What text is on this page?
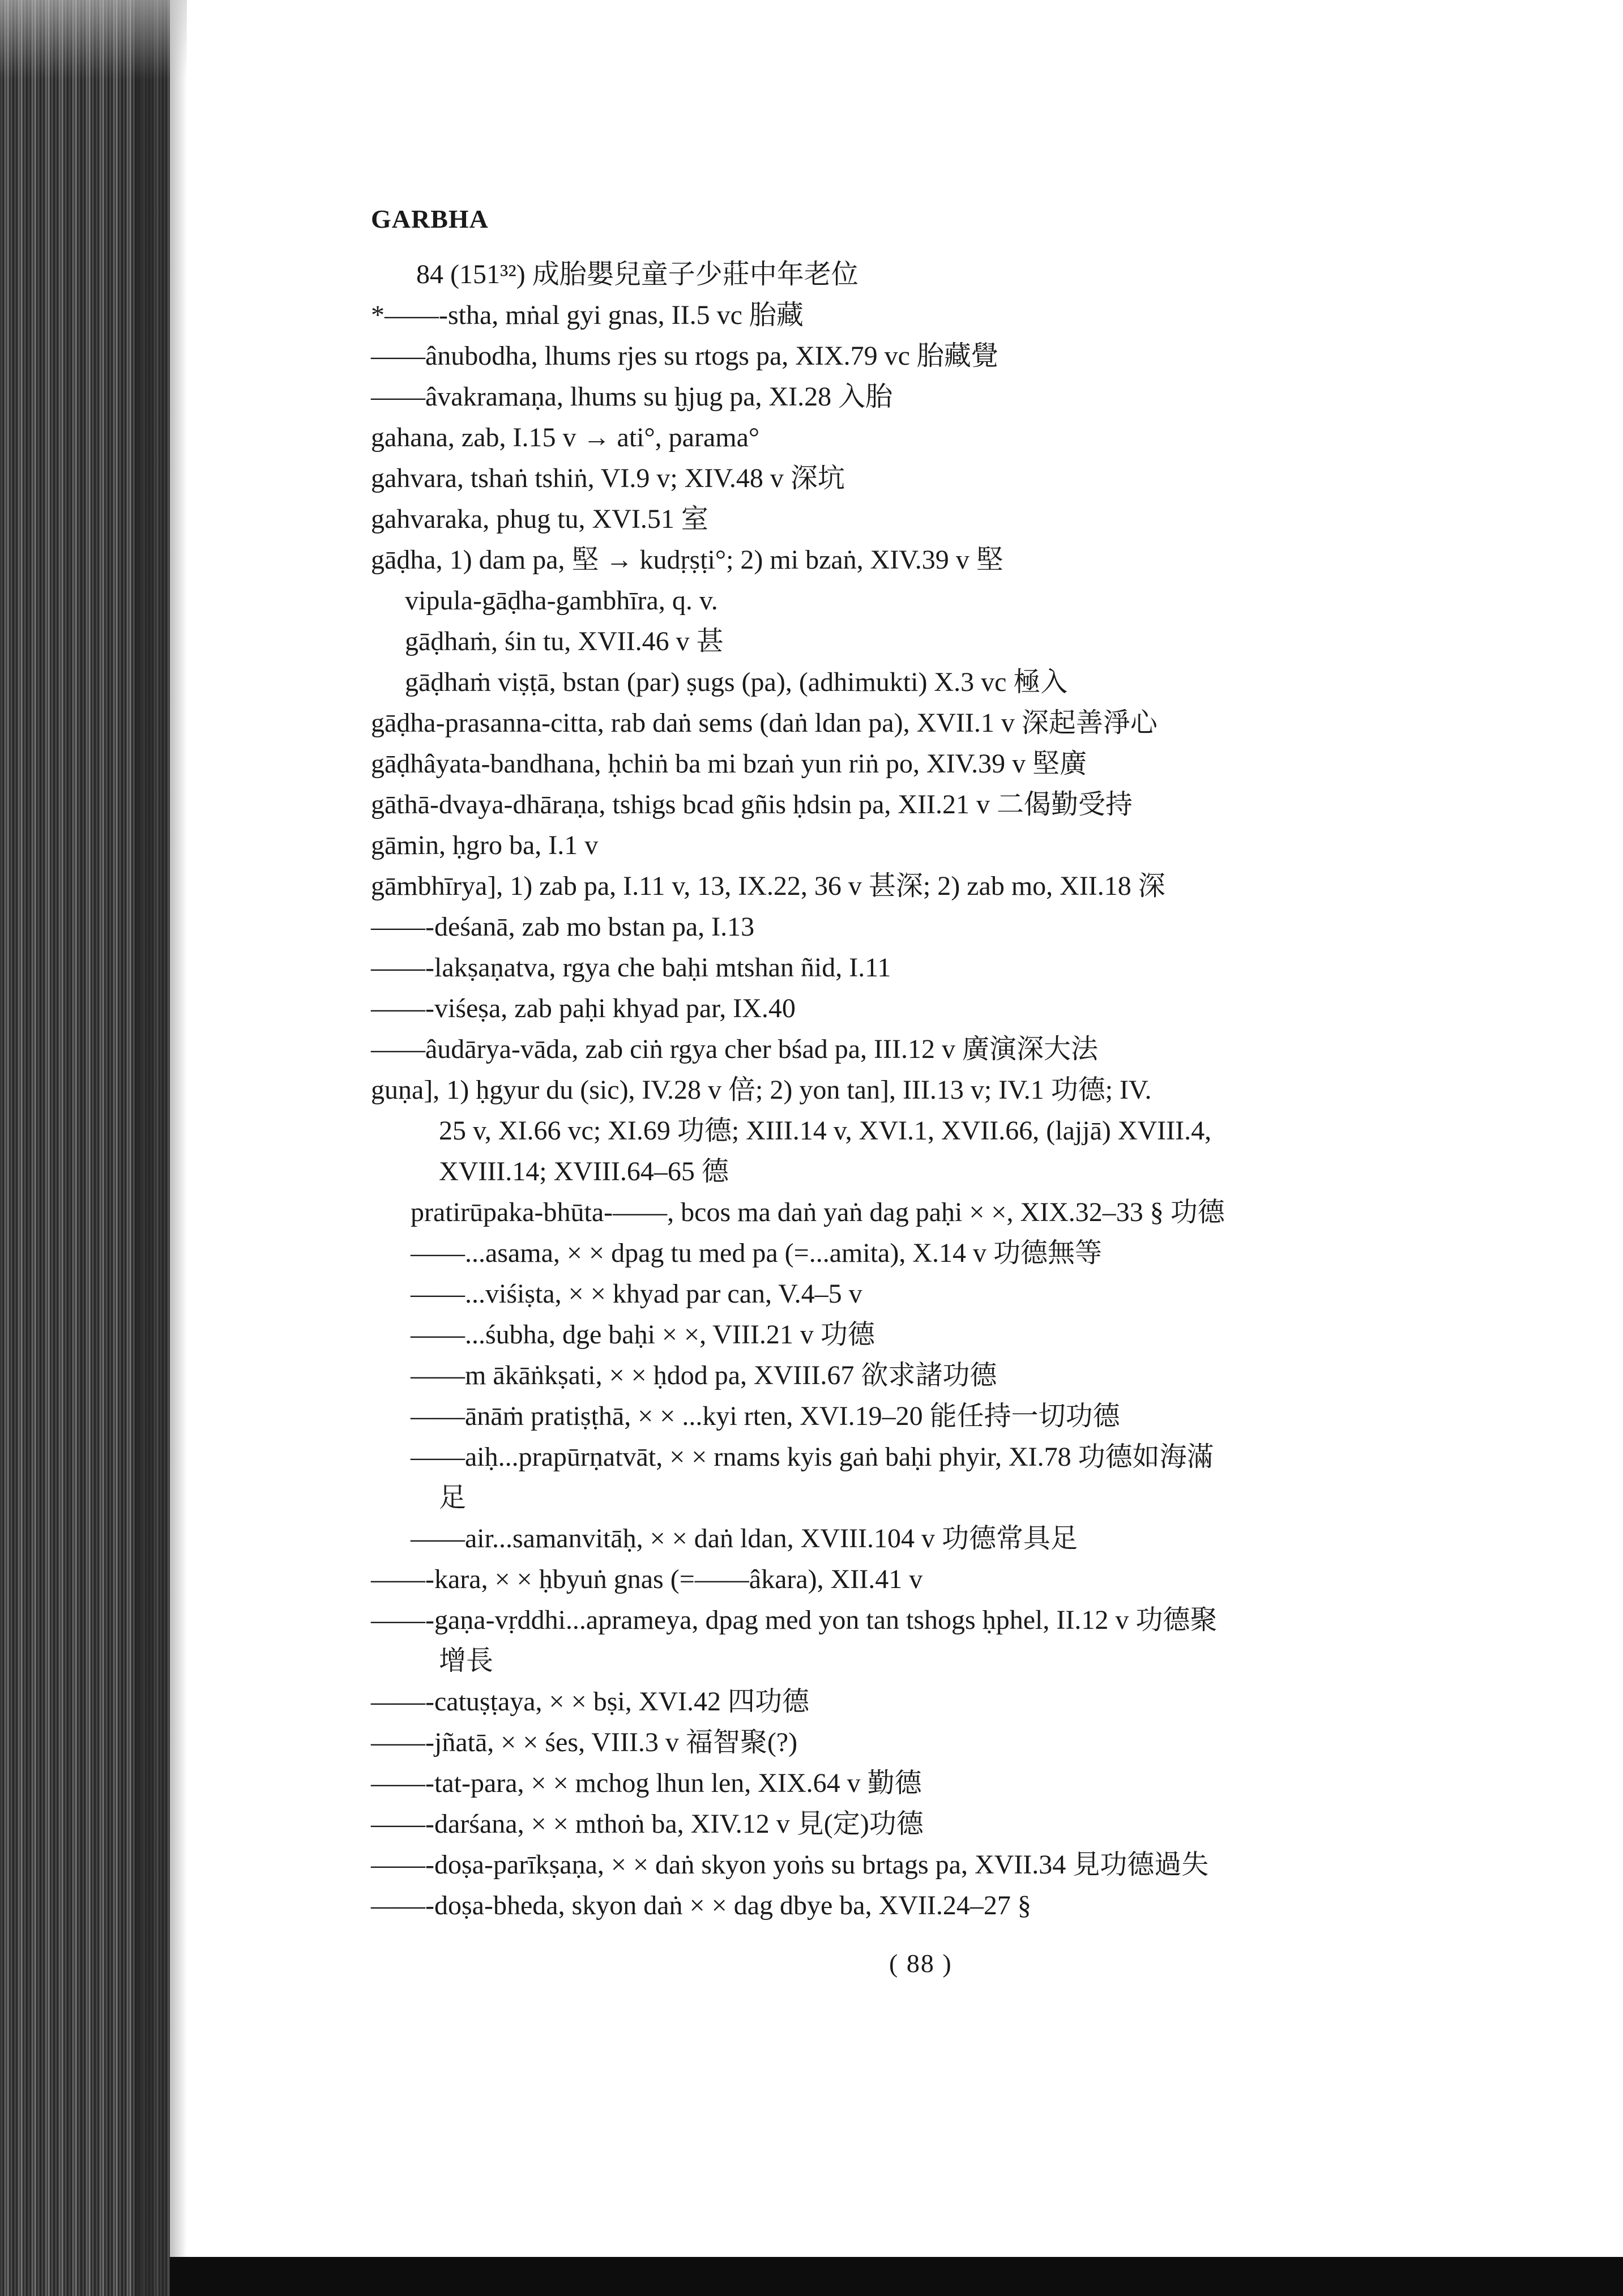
GARBHA
84 (151³²) 成胎嬰兒童子少莊中年老位
*——-stha, mṅal gyi gnas, II.5 vc 胎藏
——ânubodha, lhums rjes su rtogs pa, XIX.79 vc 胎藏覺
——âvakramaṇa, lhums su ḫjug pa, XI.28 入胎
gahana, zab, I.15 v → ati°, parama°
gahvara, tshaṅ tshiṅ, VI.9 v; XIV.48 v 深坑
gahvaraka, phug tu, XVI.51 室
gāḍha, 1) dam pa, 堅 → kudṛṣṭi°; 2) mi bzaṅ, XIV.39 v 堅
vipula-gāḍha-gambhīra, q. v.
gāḍhaṁ, śin tu, XVII.46 v 甚
gāḍhaṁ viṣṭā, bstan (par) ṣugs (pa), (adhimukti) X.3 vc 極入
gāḍha-prasanna-citta, rab daṅ sems (daṅ ldan pa), XVII.1 v 深起善淨心
gāḍhâyata-bandhana, ḥchiṅ ba mi bzaṅ yun riṅ po, XIV.39 v 堅廣
gāthā-dvaya-dhāraṇa, tshigs bcad gñis ḥdsin pa, XII.21 v 二偈勤受持
gāmin, ḥgro ba, I.1 v
gāmbhīrya], 1) zab pa, I.11 v, 13, IX.22, 36 v 甚深; 2) zab mo, XII.18 深
——-deśanā, zab mo bstan pa, I.13
——-lakṣaṇatva, rgya che baḥi mtshan ñid, I.11
——-viśeṣa, zab paḥi khyad par, IX.40
——âudārya-vāda, zab ciṅ rgya cher bśad pa, III.12 v 廣演深大法
guṇa], 1) ḥgyur du (sic), IV.28 v 倍; 2) yon tan], III.13 v; IV.1 功德; IV.
25 v, XI.66 vc; XI.69 功德; XIII.14 v, XVI.1, XVII.66, (lajjā) XVIII.4,
XVIII.14; XVIII.64–65 德
pratirūpaka-bhūta-——, bcos ma daṅ yaṅ dag paḥi × ×, XIX.32–33 § 功德
——...asama, × × dpag tu med pa (=...amita), X.14 v 功德無等
——...viśiṣta, × × khyad par can, V.4–5 v
——...śubha, dge baḥi × ×, VIII.21 v 功德
——m ākāṅkṣati, × × ḥdod pa, XVIII.67 欲求諸功德
——ānāṁ pratiṣṭhā, × × ...kyi rten, XVI.19–20 能任持一切功德
——aiḥ...prapūrṇatvāt, × × rnams kyis gaṅ baḥi phyir, XI.78 功德如海滿
足
——air...samanvitāḥ, × × daṅ ldan, XVIII.104 v 功德常具足
——-kara, × × ḥbyuṅ gnas (=——âkara), XII.41 v
——-gaṇa-vṛddhi...aprameya, dpag med yon tan tshogs ḥphel, II.12 v 功德聚
增長
——-catuṣṭaya, × × bṣi, XVI.42 四功德
——-jñatā, × × śes, VIII.3 v 福智聚(?)
——-tat-para, × × mchog lhun len, XIX.64 v 勤德
——-darśana, × × mthoṅ ba, XIV.12 v 見(定)功德
——-doṣa-parīkṣaṇa, × × daṅ skyon yoṅs su brtags pa, XVII.34 見功德過失
——-doṣa-bheda, skyon daṅ × × dag dbye ba, XVII.24–27 §
( 88 )
